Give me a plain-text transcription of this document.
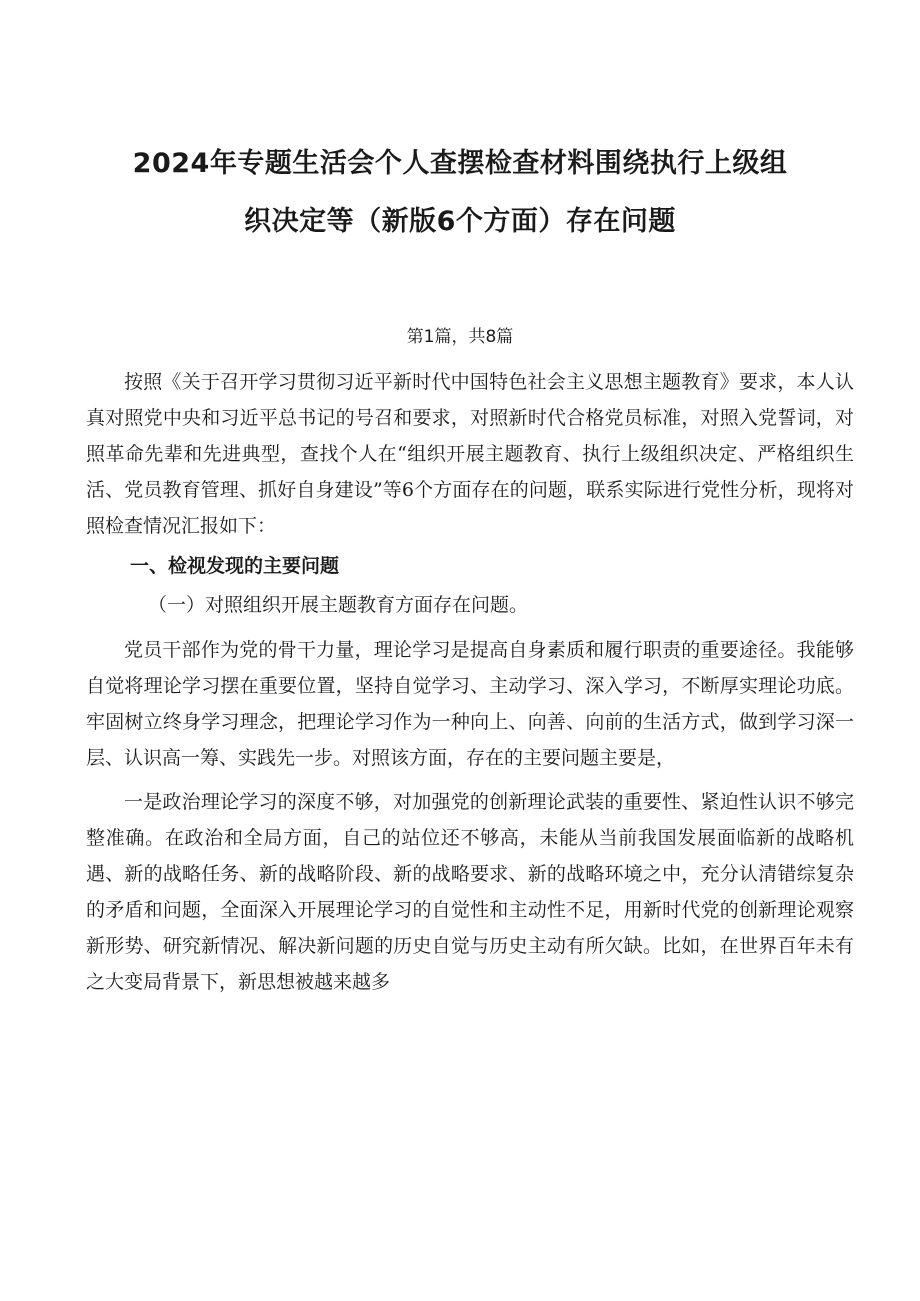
2024年专题生活会个人查摆检查材料围绕执行上级组
织决定等（新版6个方面）存在问题
第1篇，共8篇

按照《关于召开学习贯彻习近平新时代中国特色社会主义思想主题教育》要求，本人认真对照党中央和习近平总书记的号召和要求，对照新时代合格党员标准，对照入党誓词，对照革命先辈和先进典型，查找个人在“组织开展主题教育、执行上级组织决定、严格组织生活、党员教育管理、抓好自身建设”等6个方面存在的问题，联系实际进行党性分析，现将对照检查情况汇报如下：

一、检视发现的主要问题
（一）对照组织开展主题教育方面存在问题。

党员干部作为党的骨干力量，理论学习是提高自身素质和履行职责的重要途径。我能够自觉将理论学习摆在重要位置，坚持自觉学习、主动学习、深入学习，不断厚实理论功底。牢固树立终身学习理念，把理论学习作为一种向上、向善、向前的生活方式，做到学习深一层、认识高一筹、实践先一步。对照该方面，存在的主要问题主要是，

一是政治理论学习的深度不够，对加强党的创新理论武装的重要性、紧迫性认识不够完整准确。在政治和全局方面，自己的站位还不够高，未能从当前我国发展面临新的战略机遇、新的战略任务、新的战略阶段、新的战略要求、新的战略环境之中，充分认清错综复杂的矛盾和问题，全面深入开展理论学习的自觉性和主动性不足，用新时代党的创新理论观察新形势、研究新情况、解决新问题的历史自觉与历史主动有所欠缺。比如，在世界百年未有之大变局背景下，新思想被越来越多
